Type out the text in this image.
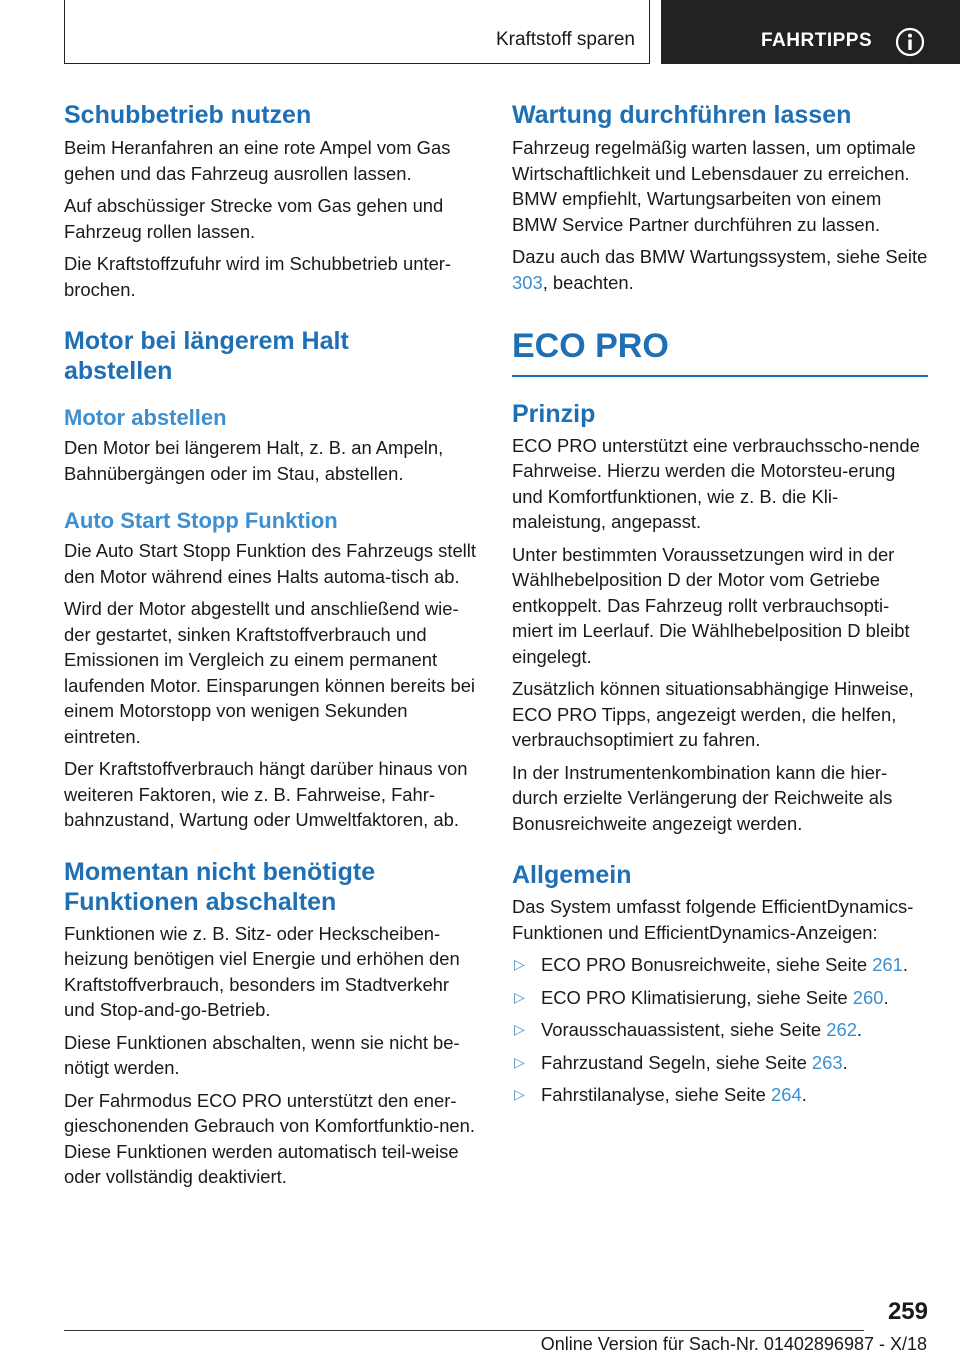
Kraftstoff sparen	FAHRTIPPS
Schubbetrieb nutzen

Beim Heranfahren an eine rote Ampel vom Gas gehen und das Fahrzeug ausrollen lassen.

Auf abschüssiger Strecke vom Gas gehen und Fahrzeug rollen lassen.

Die Kraftstoffzufuhr wird im Schubbetrieb unter‐brochen.

Motor bei längerem Halt
abstellen
Motor abstellen

Den Motor bei längerem Halt, z. B. an Ampeln, Bahnübergängen oder im Stau, abstellen.

Auto Start Stopp Funktion

Die Auto Start Stopp Funktion des Fahrzeugs stellt den Motor während eines Halts automa‐tisch ab.

Wird der Motor abgestellt und anschließend wie‐der gestartet, sinken Kraftstoffverbrauch und Emissionen im Vergleich zu einem permanent laufenden Motor. Einsparungen können bereits bei einem Motorstopp von wenigen Sekunden eintreten.

Der Kraftstoffverbrauch hängt darüber hinaus von weiteren Faktoren, wie z. B. Fahrweise, Fahr‐bahnzustand, Wartung oder Umweltfaktoren, ab.

Momentan nicht benötigte
Funktionen abschalten

Funktionen wie z. B. Sitz- oder Heckscheiben‐heizung benötigen viel Energie und erhöhen den Kraftstoffverbrauch, besonders im Stadtverkehr und Stop-and-go-Betrieb.

Diese Funktionen abschalten, wenn sie nicht be‐nötigt werden.

Der Fahrmodus ECO PRO unterstützt den ener‐gieschonenden Gebrauch von Komfortfunktio‐nen. Diese Funktionen werden automatisch teil‐weise oder vollständig deaktiviert.

Wartung durchführen lassen

Fahrzeug regelmäßig warten lassen, um optimale Wirtschaftlichkeit und Lebensdauer zu erreichen. BMW empfiehlt, Wartungsarbeiten von einem BMW Service Partner durchführen zu lassen.

Dazu auch das BMW Wartungssystem, siehe Seite 303, beachten.

ECO PRO
Prinzip

ECO PRO unterstützt eine verbrauchsscho‐nende Fahrweise. Hierzu werden die Motorsteu‐erung und Komfortfunktionen, wie z. B. die Kli‐maleistung, angepasst.

Unter bestimmten Voraussetzungen wird in der Wählhebelposition D der Motor vom Getriebe entkoppelt. Das Fahrzeug rollt verbrauchsopti‐miert im Leerlauf. Die Wählhebelposition D bleibt eingelegt.

Zusätzlich können situationsabhängige Hinweise, ECO PRO Tipps, angezeigt werden, die helfen, verbrauchsoptimiert zu fahren.

In der Instrumentenkombination kann die hier‐durch erzielte Verlängerung der Reichweite als Bonusreichweite angezeigt werden.

Allgemein

Das System umfasst folgende EfficientDynamics-Funktionen und EfficientDynamics-Anzeigen:

▷ ECO PRO Bonusreichweite, siehe Seite 261.
▷ ECO PRO Klimatisierung, siehe Seite 260.
▷ Vorausschauassistent, siehe Seite 262.
▷ Fahrzustand Segeln, siehe Seite 263.
▷ Fahrstilanalyse, siehe Seite 264.
259
Online Version für Sach-Nr. 01402896987 - X/18
